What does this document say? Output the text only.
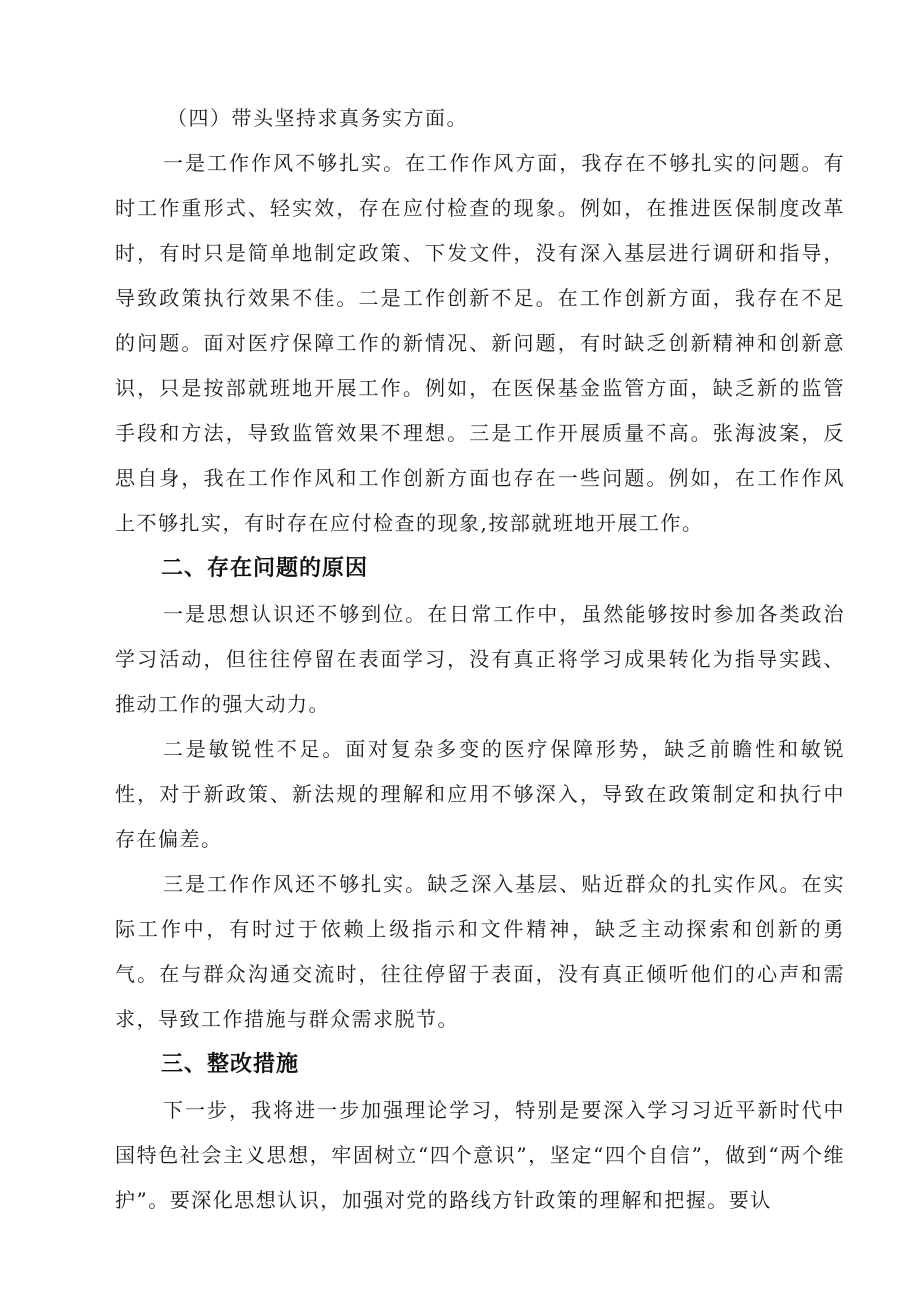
（四）带头坚持求真务实方面。

一是工作作风不够扎实。在工作作风方面，我存在不够扎实的问题。有时工作重形式、轻实效，存在应付检查的现象。例如，在推进医保制度改革时，有时只是简单地制定政策、下发文件，没有深入基层进行调研和指导，导致政策执行效果不佳。二是工作创新不足。在工作创新方面，我存在不足的问题。面对医疗保障工作的新情况、新问题，有时缺乏创新精神和创新意识，只是按部就班地开展工作。例如，在医保基金监管方面，缺乏新的监管手段和方法，导致监管效果不理想。三是工作开展质量不高。张海波案，反思自身，我在工作作风和工作创新方面也存在一些问题。例如，在工作作风上不够扎实，有时存在应付检查的现象,按部就班地开展工作。

二、存在问题的原因

一是思想认识还不够到位。在日常工作中，虽然能够按时参加各类政治学习活动，但往往停留在表面学习，没有真正将学习成果转化为指导实践、推动工作的强大动力。

二是敏锐性不足。面对复杂多变的医疗保障形势，缺乏前瞻性和敏锐性，对于新政策、新法规的理解和应用不够深入，导致在政策制定和执行中存在偏差。

三是工作作风还不够扎实。缺乏深入基层、贴近群众的扎实作风。在实际工作中，有时过于依赖上级指示和文件精神，缺乏主动探索和创新的勇气。在与群众沟通交流时，往往停留于表面，没有真正倾听他们的心声和需求，导致工作措施与群众需求脱节。

三、整改措施

下一步，我将进一步加强理论学习，特别是要深入学习习近平新时代中国特色社会主义思想，牢固树立“四个意识”，坚定“四个自信”，做到“两个维护”。要深化思想认识，加强对党的路线方针政策的理解和把握。要认
